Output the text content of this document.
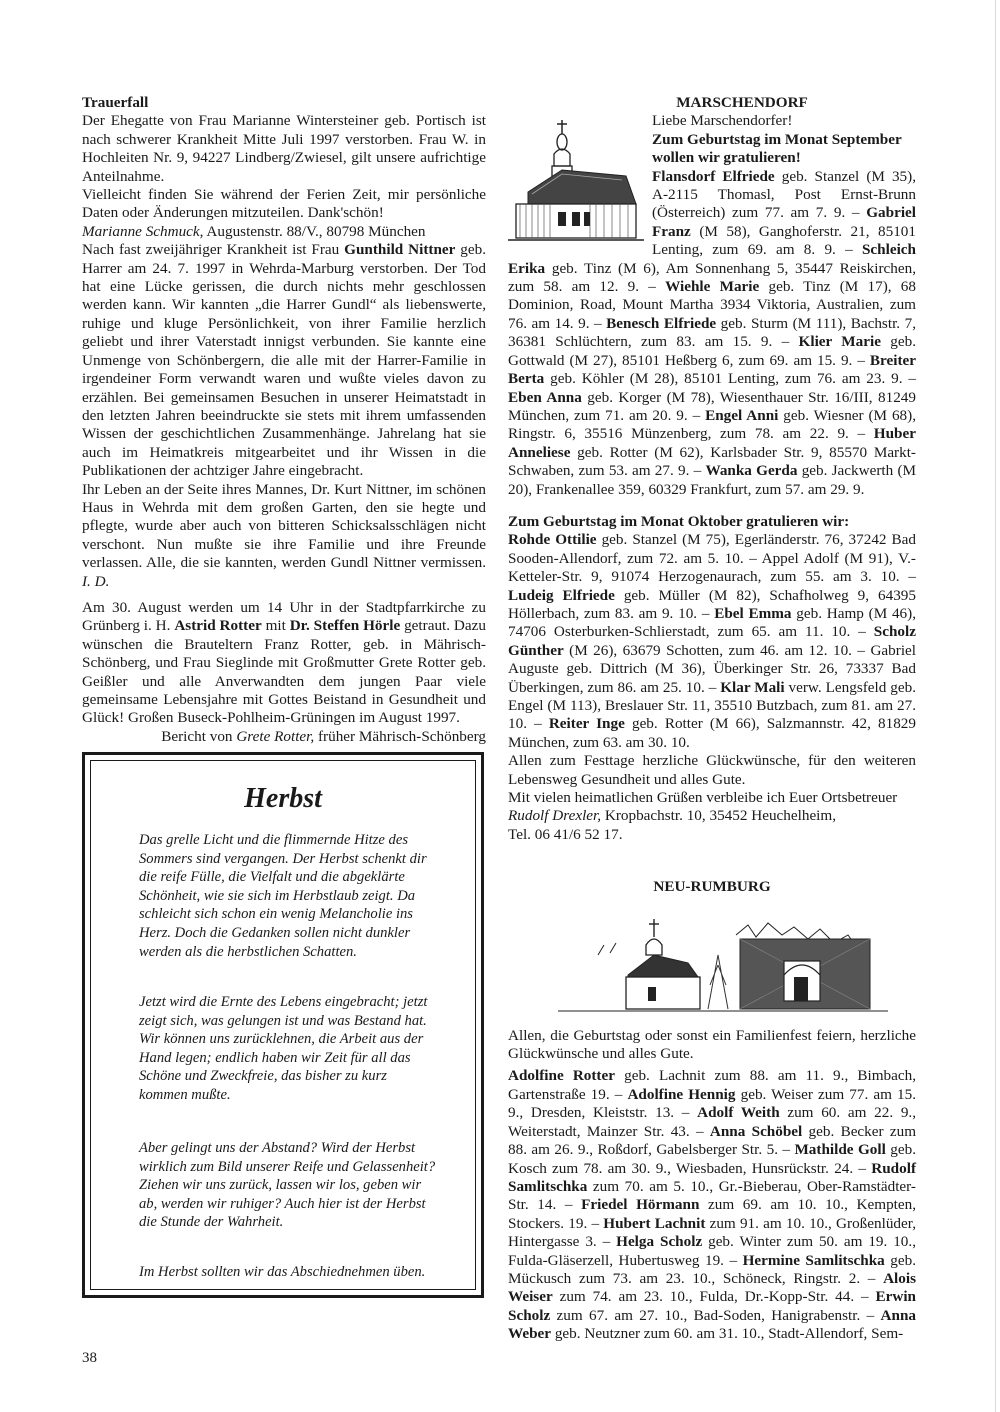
Trauerfall

Der Ehegatte von Frau Marianne Wintersteiner geb. Portisch ist nach schwerer Krankheit Mitte Juli 1997 verstorben. Frau W. in Hochleiten Nr. 9, 94227 Lindberg/Zwiesel, gilt unsere aufrichtige Anteilnahme.

Vielleicht finden Sie während der Ferien Zeit, mir persönliche Daten oder Änderungen mitzuteilen. Dank'schön!

Marianne Schmuck, Augustenstr. 88/V., 80798 München

Nach fast zweijähriger Krankheit ist Frau Gunthild Nittner geb. Harrer am 24. 7. 1997 in Wehrda-Marburg verstorben. Der Tod hat eine Lücke gerissen, die durch nichts mehr geschlossen werden kann. Wir kannten „die Harrer Gundl“ als liebenswerte, ruhige und kluge Persönlichkeit, von ihrer Familie herzlich geliebt und ihrer Vaterstadt innigst verbunden. Sie kannte eine Unmenge von Schönbergern, die alle mit der Harrer-Familie in irgendeiner Form verwandt waren und wußte vieles davon zu erzählen. Bei gemeinsamen Besuchen in unserer Heimatstadt in den letzten Jahren beeindruckte sie stets mit ihrem umfassenden Wissen der geschichtlichen Zusammenhänge. Jahrelang hat sie auch im Heimatkreis mitgearbeitet und ihr Wissen in die Publikationen der achtziger Jahre eingebracht.

Ihr Leben an der Seite ihres Mannes, Dr. Kurt Nittner, im schönen Haus in Wehrda mit dem großen Garten, den sie hegte und pflegte, wurde aber auch von bitteren Schicksalsschlägen nicht verschont. Nun mußte sie ihre Familie und ihre Freunde verlassen. Alle, die sie kannten, werden Gundl Nittner vermissen. I. D.

Am 30. August werden um 14 Uhr in der Stadtpfarrkirche zu Grünberg i. H. Astrid Rotter mit Dr. Steffen Hörle getraut. Dazu wünschen die Brauteltern Franz Rotter, geb. in Mährisch-Schönberg, und Frau Sieglinde mit Großmutter Grete Rotter geb. Geißler und alle Anverwandten dem jungen Paar viele gemeinsame Lebensjahre mit Gottes Beistand in Gesundheit und Glück! Großen Buseck-Pohlheim-Grüningen im August 1997.

Bericht von Grete Rotter, früher Mährisch-Schönberg

Herbst
Das grelle Licht und die flimmernde Hitze des Sommers sind vergangen. Der Herbst schenkt dir die reife Fülle, die Vielfalt und die abgeklärte Schönheit, wie sie sich im Herbstlaub zeigt. Da schleicht sich schon ein wenig Melancholie ins Herz. Doch die Gedanken sollen nicht dunkler werden als die herbstlichen Schatten.
Jetzt wird die Ernte des Lebens eingebracht; jetzt zeigt sich, was gelungen ist und was Bestand hat. Wir können uns zurücklehnen, die Arbeit aus der Hand legen; endlich haben wir Zeit für all das Schöne und Zweckfreie, das bisher zu kurz kommen mußte.
Aber gelingt uns der Abstand? Wird der Herbst wirklich zum Bild unserer Reife und Gelassenheit? Ziehen wir uns zurück, lassen wir los, geben wir ab, werden wir ruhiger? Auch hier ist der Herbst die Stunde der Wahrheit.
Im Herbst sollten wir das Abschiednehmen üben.

MARSCHENDORF

Liebe Marschendorfer!

Zum Geburtstag im Monat September wollen wir gratulieren!

Flansdorf Elfriede geb. Stanzel (M 35), A-2115 Thomasl, Post Ernst-Brunn (Österreich) zum 77. am 7. 9. – Gabriel Franz (M 58), Ganghoferstr. 21, 85101 Lenting, zum 69. am 8. 9. – Schleich Erika geb. Tinz (M 6), Am Sonnenhang 5, 35447 Reiskirchen, zum 58. am 12. 9. – Wiehle Marie geb. Tinz (M 17), 68 Dominion, Road, Mount Martha 3934 Viktoria, Australien, zum 76. am 14. 9. – Benesch Elfriede geb. Sturm (M 111), Bachstr. 7, 36381 Schlüchtern, zum 83. am 15. 9. – Klier Marie geb. Gottwald (M 27), 85101 Heßberg 6, zum 69. am 15. 9. – Breiter Berta geb. Köhler (M 28), 85101 Lenting, zum 76. am 23. 9. – Eben Anna geb. Korger (M 78), Wiesenthauer Str. 16/III, 81249 München, zum 71. am 20. 9. – Engel Anni geb. Wiesner (M 68), Ringstr. 6, 35516 Münzenberg, zum 78. am 22. 9. – Huber Anneliese geb. Rotter (M 62), Karlsbader Str. 9, 85570 Markt-Schwaben, zum 53. am 27. 9. – Wanka Gerda geb. Jackwerth (M 20), Frankenallee 359, 60329 Frankfurt, zum 57. am 29. 9.

Zum Geburtstag im Monat Oktober gratulieren wir:

Rohde Ottilie geb. Stanzel (M 75), Egerländerstr. 76, 37242 Bad Sooden-Allendorf, zum 72. am 5. 10. – Appel Adolf (M 91), V.-Ketteler-Str. 9, 91074 Herzogenaurach, zum 55. am 3. 10. – Ludeig Elfriede geb. Müller (M 82), Schafholweg 9, 64395 Höllerbach, zum 83. am 9. 10. – Ebel Emma geb. Hamp (M 46), 74706 Osterburken-Schlierstadt, zum 65. am 11. 10. – Scholz Günther (M 26), 63679 Schotten, zum 46. am 12. 10. – Gabriel Auguste geb. Dittrich (M 36), Überkinger Str. 26, 73337 Bad Überkingen, zum 86. am 25. 10. – Klar Mali verw. Lengsfeld geb. Engel (M 113), Breslauer Str. 11, 35510 Butzbach, zum 81. am 27. 10. – Reiter Inge geb. Rotter (M 66), Salzmannstr. 42, 81829 München, zum 63. am 30. 10.

Allen zum Festtage herzliche Glückwünsche, für den weiteren Lebensweg Gesundheit und alles Gute.

Mit vielen heimatlichen Grüßen verbleibe ich Euer Ortsbetreuer

Rudolf Drexler, Kropbachstr. 10, 35452 Heuchelheim,
Tel. 06 41/6 52 17.

NEU-RUMBURG

Allen, die Geburtstag oder sonst ein Familienfest feiern, herzliche Glückwünsche und alles Gute.

Adolfine Rotter geb. Lachnit zum 88. am 11. 9., Bimbach, Gartenstraße 19. – Adolfine Hennig geb. Weiser zum 77. am 15. 9., Dresden, Kleiststr. 13. – Adolf Weith zum 60. am 22. 9., Weiterstadt, Mainzer Str. 43. – Anna Schöbel geb. Becker zum 88. am 26. 9., Roßdorf, Gabelsberger Str. 5. – Mathilde Goll geb. Kosch zum 78. am 30. 9., Wiesbaden, Hunsrückstr. 24. – Rudolf Samlitschka zum 70. am 5. 10., Gr.-Bieberau, Ober-Ramstädter-Str. 14. – Friedel Hörmann zum 69. am 10. 10., Kempten, Stockers. 19. – Hubert Lachnit zum 91. am 10. 10., Großenlüder, Hintergasse 3. – Helga Scholz geb. Winter zum 50. am 19. 10., Fulda-Gläserzell, Hubertusweg 19. – Hermine Samlitschka geb. Mückusch zum 73. am 23. 10., Schöneck, Ringstr. 2. – Alois Weiser zum 74. am 23. 10., Fulda, Dr.-Kopp-Str. 44. – Erwin Scholz zum 67. am 27. 10., Bad-Soden, Hanigrabenstr. – Anna Weber geb. Neutzner zum 60. am 31. 10., Stadt-Allendorf, Sem-

38
